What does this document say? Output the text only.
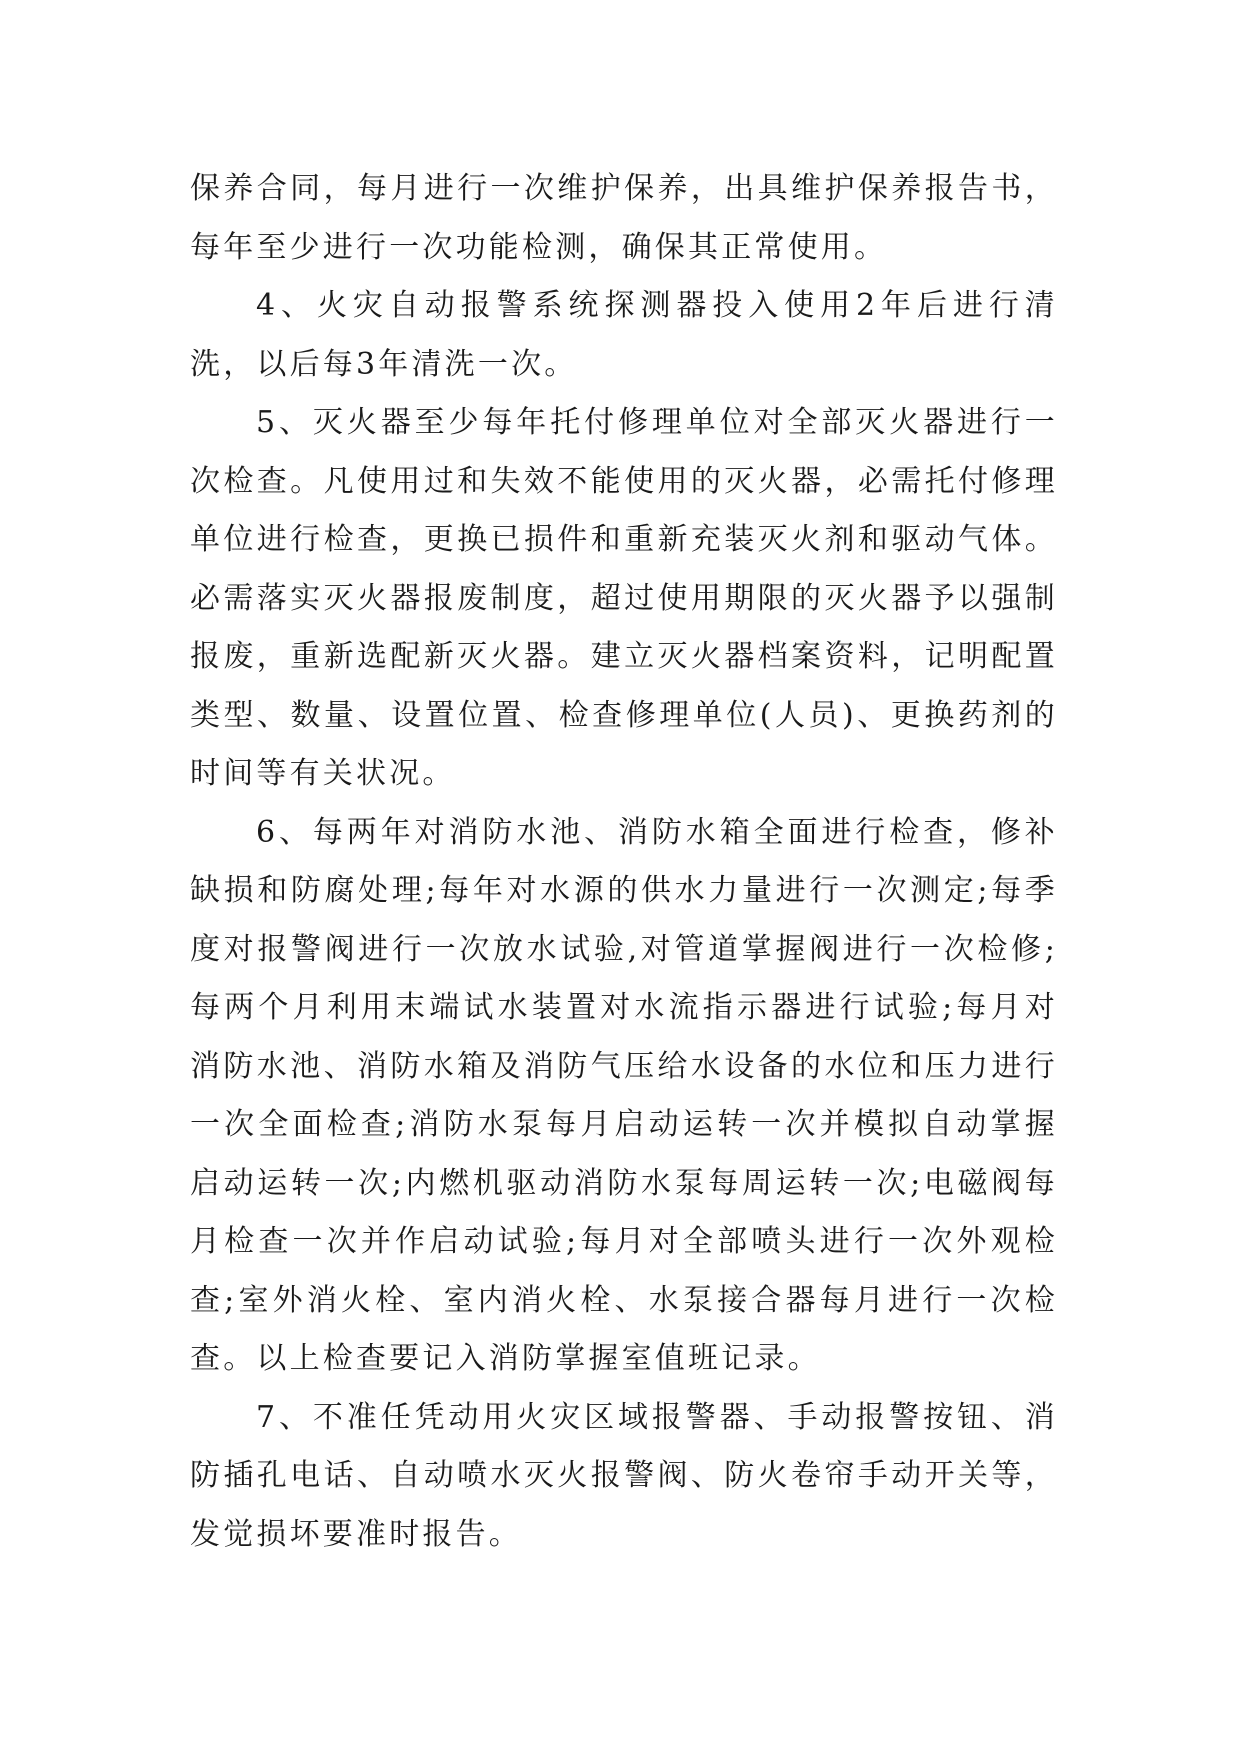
保养合同，每月进行一次维护保养，出具维护保养报告书，每年至少进行一次功能检测，确保其正常使用。

4、火灾自动报警系统探测器投入使用2年后进行清洗，以后每3年清洗一次。

5、灭火器至少每年托付修理单位对全部灭火器进行一次检查。凡使用过和失效不能使用的灭火器，必需托付修理单位进行检查，更换已损件和重新充装灭火剂和驱动气体。必需落实灭火器报废制度，超过使用期限的灭火器予以强制报废，重新选配新灭火器。建立灭火器档案资料，记明配置类型、数量、设置位置、检查修理单位(人员)、更换药剂的时间等有关状况。

6、每两年对消防水池、消防水箱全面进行检查，修补缺损和防腐处理;每年对水源的供水力量进行一次测定;每季度对报警阀进行一次放水试验,对管道掌握阀进行一次检修;每两个月利用末端试水装置对水流指示器进行试验;每月对消防水池、消防水箱及消防气压给水设备的水位和压力进行一次全面检查;消防水泵每月启动运转一次并模拟自动掌握启动运转一次;内燃机驱动消防水泵每周运转一次;电磁阀每月检查一次并作启动试验;每月对全部喷头进行一次外观检查;室外消火栓、室内消火栓、水泵接合器每月进行一次检查。以上检查要记入消防掌握室值班记录。

7、不准任凭动用火灾区域报警器、手动报警按钮、消防插孔电话、自动喷水灭火报警阀、防火卷帘手动开关等，发觉损坏要准时报告。
